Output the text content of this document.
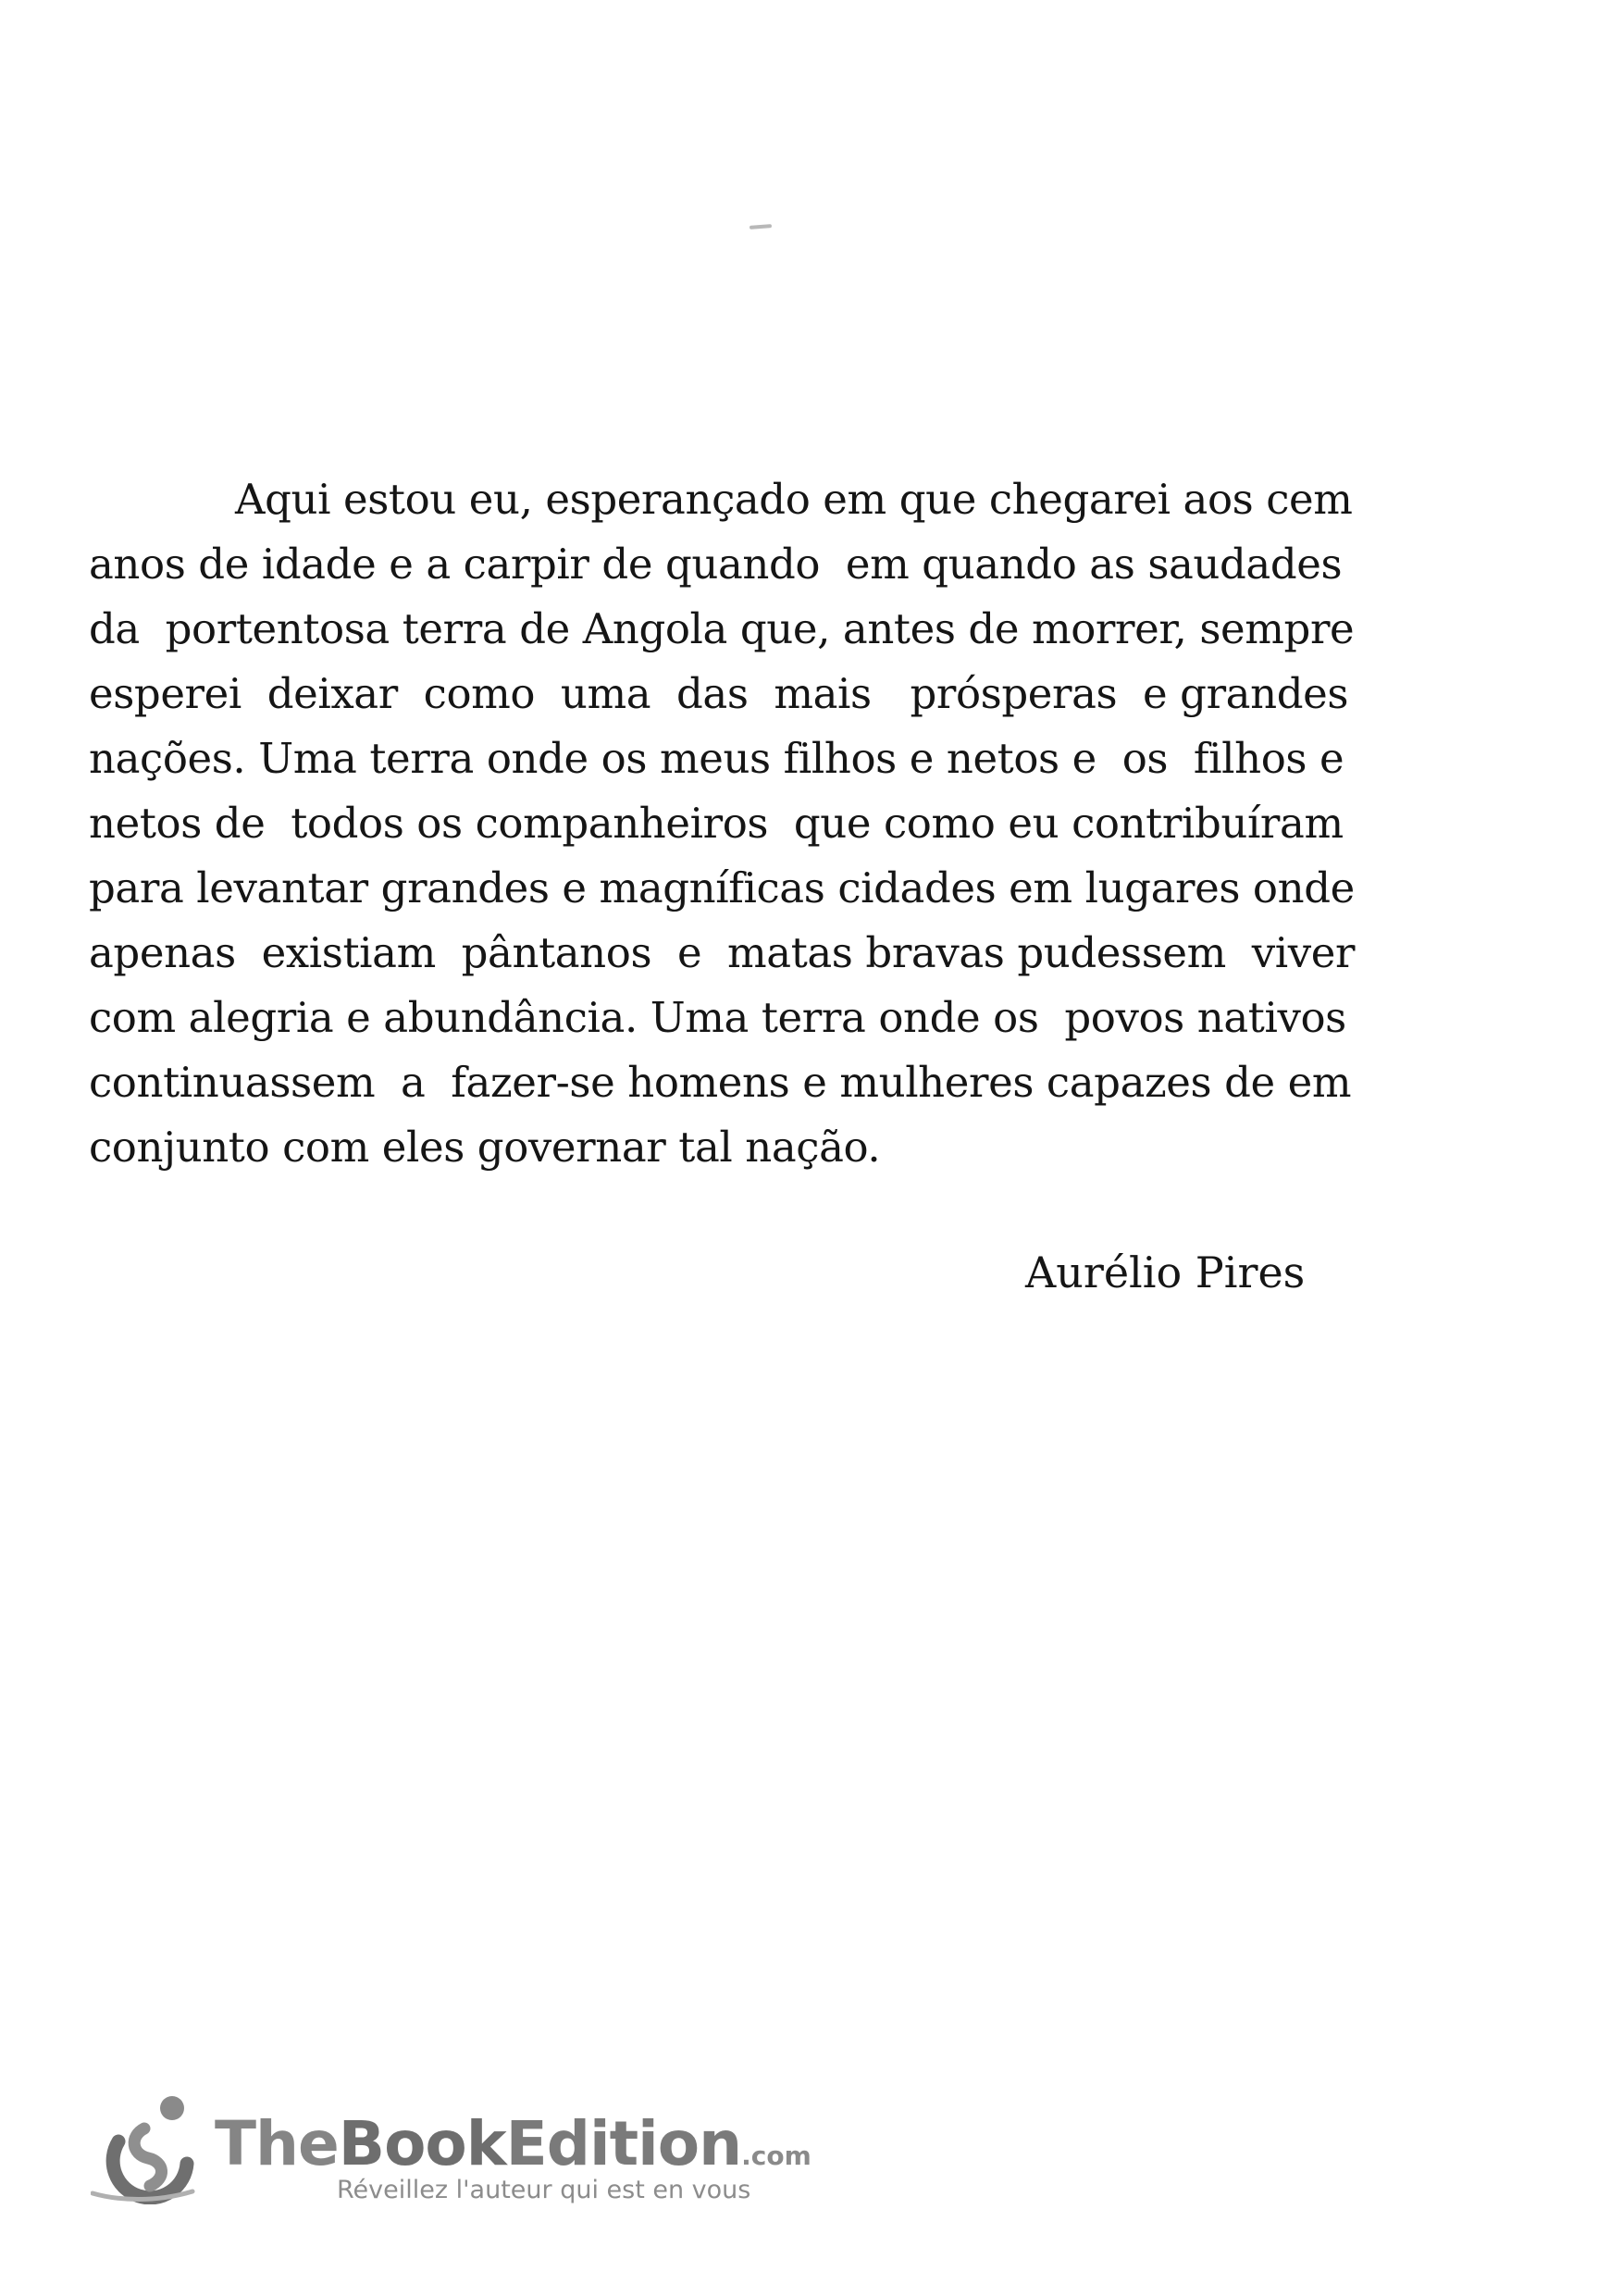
Aqui estou eu, esperançado em que chegarei aos cem
anos de idade e a carpir de quando  em quando as saudades
da  portentosa terra de Angola que, antes de morrer, sempre
esperei  deixar  como  uma  das  mais   prósperas  e grandes
nações. Uma terra onde os meus filhos e netos e  os  filhos e
netos de  todos os companheiros  que como eu contribuíram
para levantar grandes e magníficas cidades em lugares onde
apenas  existiam  pântanos  e  matas bravas pudessem  viver
com alegria e abundância. Uma terra onde os  povos nativos
continuassem  a  fazer-se homens e mulheres capazes de em
conjunto com eles governar tal nação.

Aurélio Pires
TheBookEdition.com
Réveillez l'auteur qui est en vous
